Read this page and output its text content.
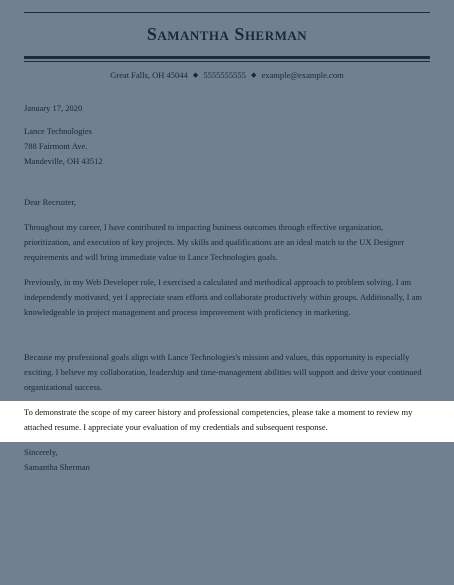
Samantha Sherman
Great Falls, OH 45044 ◆ 5555555555 ◆ example@example.com
January 17, 2020
Lance Technologies
788 Fairmont Ave.
Mandeville, OH 43512
Dear Recruiter,

Throughout my career, I have contributed to impacting business outcomes through effective organization, prioritization, and execution of key projects. My skills and qualifications are an ideal match to the UX Designer requirements and will bring immediate value to Lance Technologies goals.

Previously, in my Web Developer role, I exercised a calculated and methodical approach to problem solving. I am independently motivated, yet I appreciate team efforts and collaborate productively within groups. Additionally, I am knowledgeable in project management and process improvement with proficiency in marketing.

Because my professional goals align with Lance Technologies's mission and values, this opportunity is especially exciting. I believe my collaboration, leadership and time-management abilities will support and drive your continued organizational success.

To demonstrate the scope of my career history and professional competencies, please take a moment to review my attached resume. I appreciate your evaluation of my credentials and subsequent response.

Sincerely,
Samantha Sherman
